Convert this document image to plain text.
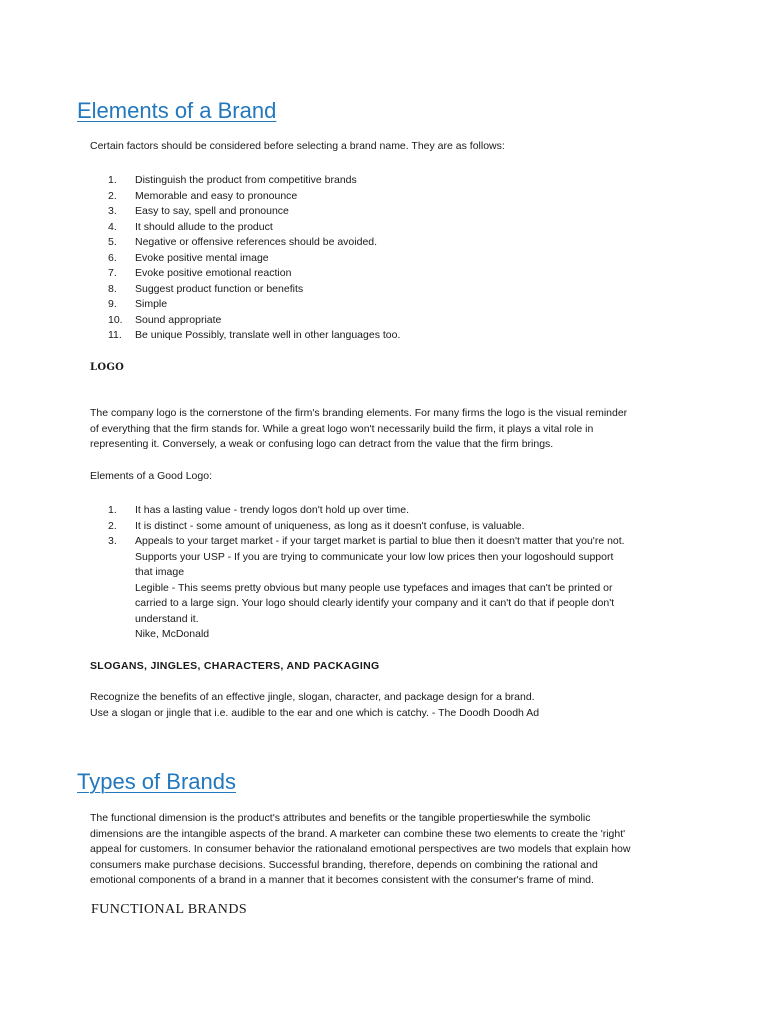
Elements of a Brand

Certain factors should be considered before selecting a brand name. They are as follows:

1. Distinguish the product from competitive brands
2. Memorable and easy to pronounce
3. Easy to say, spell and pronounce
4. It should allude to the product
5. Negative or offensive references should be avoided.
6. Evoke positive mental image
7. Evoke positive emotional reaction
8. Suggest product function or benefits
9. Simple
10. Sound appropriate
11. Be unique Possibly, translate well in other languages too.
LOGO
The company logo is the cornerstone of the firm's branding elements. For many firms the logo is the visual reminder
of everything that the firm stands for. While a great logo won't necessarily build the firm, it plays a vital role in
representing it. Conversely, a weak or confusing logo can detract from the value that the firm brings.

Elements of a Good Logo:

1. It has a lasting value - trendy logos don't hold up over time.
2. It is distinct - some amount of uniqueness, as long as it doesn't confuse, is valuable.
3. Appeals to your target market - if your target market is partial to blue then it doesn't matter that you're not.
Supports your USP - If you are trying to communicate your low low prices then your logoshould support
that image
Legible - This seems pretty obvious but many people use typefaces and images that can't be printed or
carried to a large sign. Your logo should clearly identify your company and it can't do that if people don't
understand it.
Nike, McDonald
SLOGANS, JINGLES, CHARACTERS, AND PACKAGING
Recognize the benefits of an effective jingle, slogan, character, and package design for a brand.
Use a slogan or jingle that i.e. audible to the ear and one which is catchy. - The Doodh Doodh Ad
Types of Brands
The functional dimension is the product's attributes and benefits or the tangible propertieswhile the symbolic
dimensions are the intangible aspects of the brand. A marketer can combine these two elements to create the 'right'
appeal for customers. In consumer behavior the rationaland emotional perspectives are two models that explain how
consumers make purchase decisions. Successful branding, therefore, depends on combining the rational and
emotional components of a brand in a manner that it becomes consistent with the consumer's frame of mind.
FUNCTIONAL BRANDS
